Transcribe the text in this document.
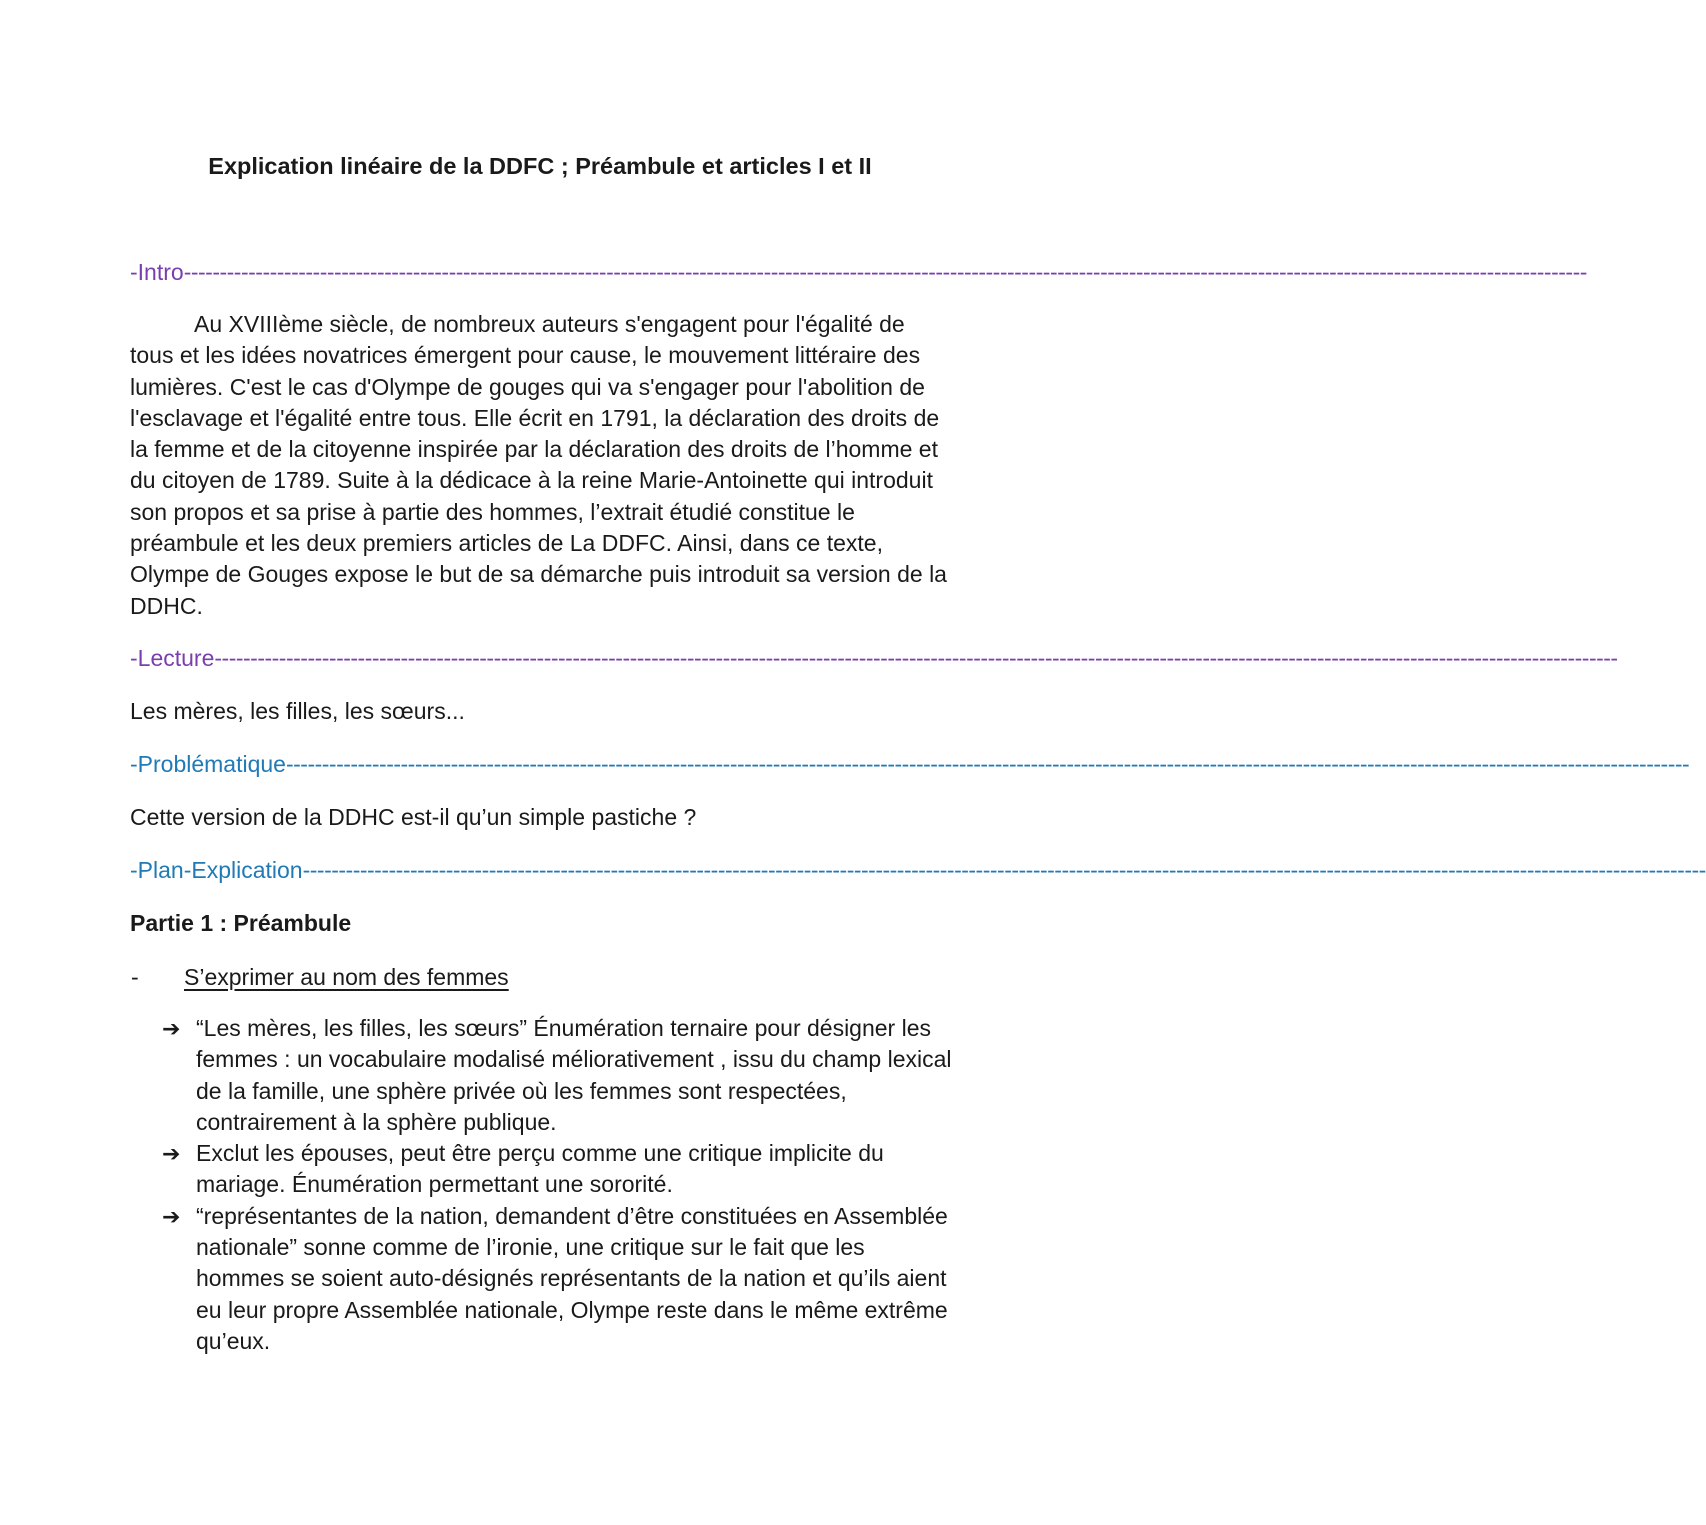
Explication linéaire de la DDFC ; Préambule et articles I et II
-Intro----------------------------------------------------------------------------------------------------------------------------------------------------------------------------------------------------
Au XVIIIème siècle, de nombreux auteurs s'engagent pour l'égalité de tous et les idées novatrices émergent pour cause, le mouvement littéraire des lumières. C'est le cas d'Olympe de gouges qui va s'engager pour l'abolition de l'esclavage et l'égalité entre tous. Elle écrit en 1791, la déclaration des droits de la femme et de la citoyenne inspirée par la déclaration des droits de l’homme et du citoyen de 1789. Suite à la dédicace à la reine Marie-Antoinette qui introduit son propos et sa prise à partie des hommes, l’extrait étudié constitue le préambule et les deux premiers articles de La DDFC. Ainsi, dans ce texte, Olympe de Gouges expose le but de sa démarche puis introduit sa version de la DDHC.
-Lecture----------------------------------------------------------------------------------------------------------------------------------------------------------------------------------------------------
Les mères, les filles, les sœurs...
-Problématique----------------------------------------------------------------------------------------------------------------------------------------------------------------------------------------------------
Cette version de la DDHC est-il qu’un simple pastiche ?
-Plan-Explication----------------------------------------------------------------------------------------------------------------------------------------------------------------------------------------------------
Partie 1 : Préambule
- S’exprimer au nom des femmes
➔ “Les mères, les filles, les sœurs” Énumération ternaire pour désigner les femmes : un vocabulaire modalisé méliorativement , issu du champ lexical de la famille, une sphère privée où les femmes sont respectées, contrairement à la sphère publique.
➔ Exclut les épouses, peut être perçu comme une critique implicite du mariage. Énumération permettant une sororité.
➔ “représentantes de la nation, demandent d’être constituées en Assemblée nationale” sonne comme de l’ironie, une critique sur le fait que les hommes se soient auto-désignés représentants de la nation et qu’ils aient eu leur propre Assemblée nationale, Olympe reste dans le même extrême qu’eux.
